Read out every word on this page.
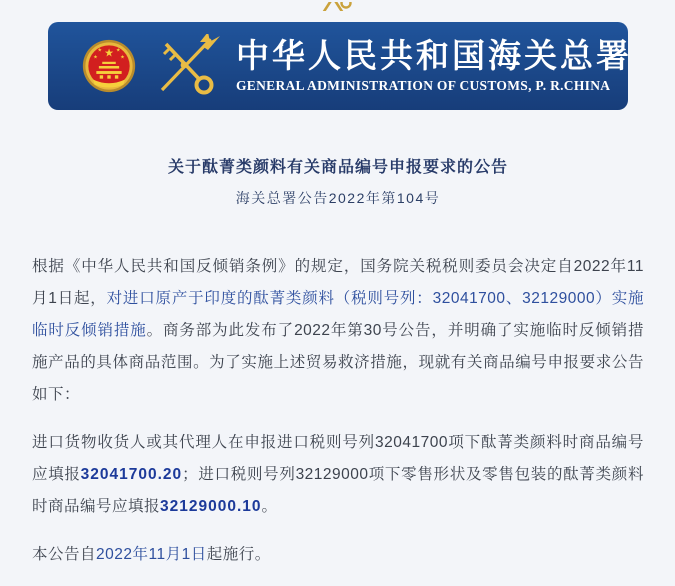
★
★ ★
★	★	中华人民共和国海关总署
GENERAL ADMINISTRATION OF CUSTOMS, P. R.CHINA
关于酞菁类颜料有关商品编号申报要求的公告
海关总署公告2022年第104号

根据《中华人民共和国反倾销条例》的规定，国务院关税税则委员会决定自2022年11月1日起，对进口原产于印度的酞菁类颜料（税则号列：32041700、32129000）实施临时反倾销措施。商务部为此发布了2022年第30号公告，并明确了实施临时反倾销措施产品的具体商品范围。为了实施上述贸易救济措施，现就有关商品编号申报要求公告如下：

进口货物收货人或其代理人在申报进口税则号列32041700项下酞菁类颜料时商品编号应填报32041700.20；进口税则号列32129000项下零售形状及零售包装的酞菁类颜料时商品编号应填报32129000.10。

本公告自2022年11月1日起施行。
